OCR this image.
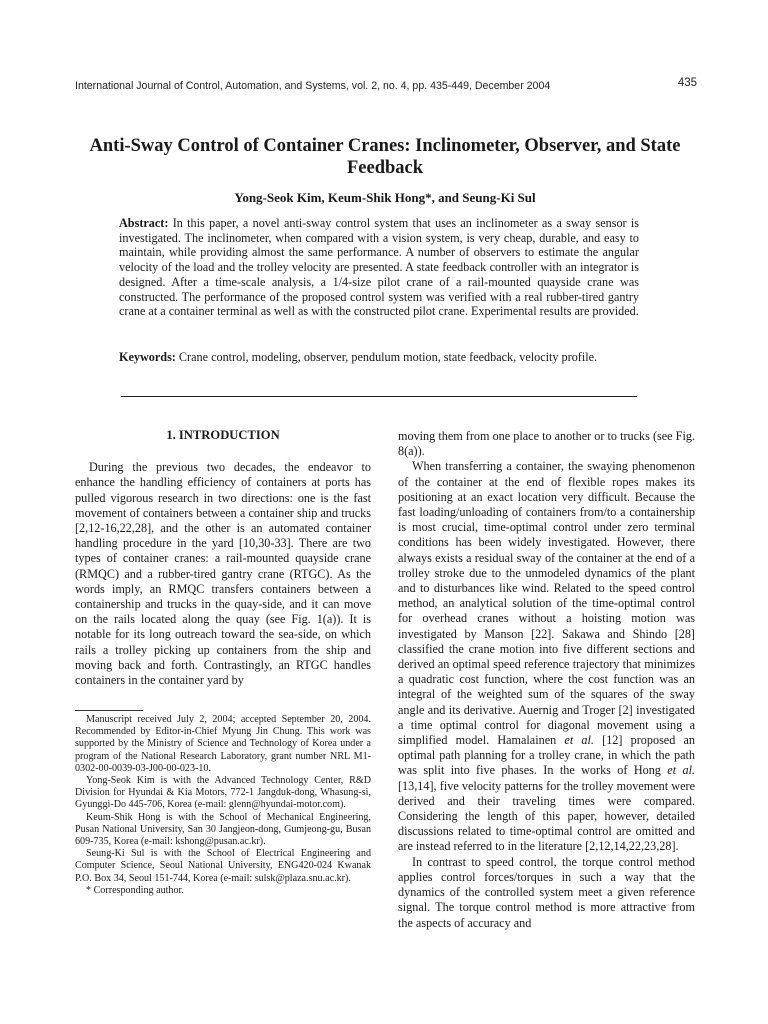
International Journal of Control, Automation, and Systems, vol. 2, no. 4, pp. 435-449, December 2004	435
Anti-Sway Control of Container Cranes: Inclinometer, Observer, and State Feedback
Yong-Seok Kim, Keum-Shik Hong*, and Seung-Ki Sul
Abstract: In this paper, a novel anti-sway control system that uses an inclinometer as a sway sensor is investigated. The inclinometer, when compared with a vision system, is very cheap, durable, and easy to maintain, while providing almost the same performance. A number of observers to estimate the angular velocity of the load and the trolley velocity are presented. A state feedback controller with an integrator is designed. After a time-scale analysis, a 1/4-size pilot crane of a rail-mounted quayside crane was constructed. The performance of the proposed control system was verified with a real rubber-tired gantry crane at a container terminal as well as with the constructed pilot crane. Experimental results are provided.
Keywords: Crane control, modeling, observer, pendulum motion, state feedback, velocity profile.
1. INTRODUCTION

During the previous two decades, the endeavor to enhance the handling efficiency of containers at ports has pulled vigorous research in two directions: one is the fast movement of containers between a container ship and trucks [2,12-16,22,28], and the other is an automated container handling procedure in the yard [10,30-33]. There are two types of container cranes: a rail-mounted quayside crane (RMQC) and a rubber-tired gantry crane (RTGC). As the words imply, an RMQC transfers containers between a containership and trucks in the quay-side, and it can move on the rails located along the quay (see Fig. 1(a)). It is notable for its long outreach toward the sea-side, on which rails a trolley picking up containers from the ship and moving back and forth. Contrastingly, an RTGC handles containers in the container yard by

Manuscript received July 2, 2004; accepted September 20, 2004. Recommended by Editor-in-Chief Myung Jin Chung. This work was supported by the Ministry of Science and Technology of Korea under a program of the National Research Laboratory, grant number NRL M1-0302-00-0039-03-J00-00-023-10.

Yong-Seok Kim is with the Advanced Technology Center, R&D Division for Hyundai & Kia Motors, 772-1 Jangduk-dong, Whasung-si, Gyunggi-Do 445-706, Korea (e-mail: glenn@hyundai-motor.com).

Keum-Shik Hong is with the School of Mechanical Engineering, Pusan National University, San 30 Jangjeon-dong, Gumjeong-gu, Busan 609-735, Korea (e-mail: kshong@pusan.ac.kr).

Seung-Ki Sul is with the School of Electrical Engineering and Computer Science, Seoul National University, ENG420-024 Kwanak P.O. Box 34, Seoul 151-744, Korea (e-mail: sulsk@plaza.snu.ac.kr).

* Corresponding author.

moving them from one place to another or to trucks (see Fig. 8(a)).

When transferring a container, the swaying phenomenon of the container at the end of flexible ropes makes its positioning at an exact location very difficult. Because the fast loading/unloading of containers from/to a containership is most crucial, time-optimal control under zero terminal conditions has been widely investigated. However, there always exists a residual sway of the container at the end of a trolley stroke due to the unmodeled dynamics of the plant and to disturbances like wind. Related to the speed control method, an analytical solution of the time-optimal control for overhead cranes without a hoisting motion was investigated by Manson [22]. Sakawa and Shindo [28] classified the crane motion into five different sections and derived an optimal speed reference trajectory that minimizes a quadratic cost function, where the cost function was an integral of the weighted sum of the squares of the sway angle and its derivative. Auernig and Troger [2] investigated a time optimal control for diagonal movement using a simplified model. Hamalainen et al. [12] proposed an optimal path planning for a trolley crane, in which the path was split into five phases. In the works of Hong et al. [13,14], five velocity patterns for the trolley movement were derived and their traveling times were compared. Considering the length of this paper, however, detailed discussions related to time-optimal control are omitted and are instead referred to in the literature [2,12,14,22,23,28].

In contrast to speed control, the torque control method applies control forces/torques in such a way that the dynamics of the controlled system meet a given reference signal. The torque control method is more attractive from the aspects of accuracy and
